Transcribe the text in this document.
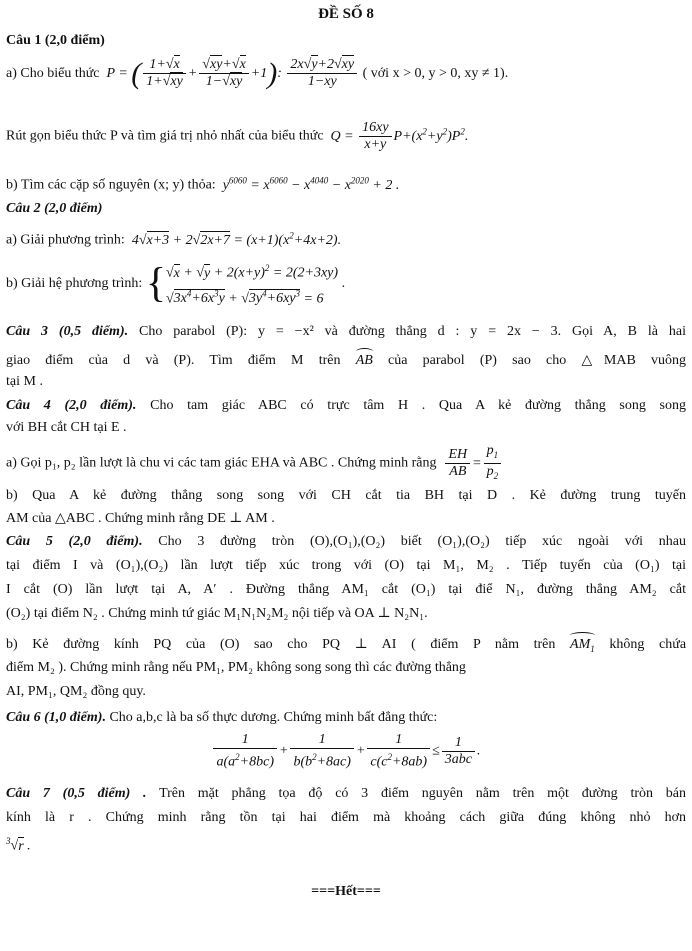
ĐỀ SỐ 8
Câu 1 (2,0 điểm)
a) Cho biểu thức  P = ( $\frac{1+√x}{1+√xy} + \frac{√xy+√x}{1-√xy} +1$): $\frac{2x√y+2√xy}{1-xy}$ ( với x > 0, y > 0, xy ≠ 1).
Rút gọn biểu thức P và tìm giá trị nhỏ nhất của biểu thức  $Q = \frac{16xy}{x+y} P+(x^2+y^2)P^2$.
b) Tìm các cặp số nguyên (x; y) thỏa:  $y^{6060} = x^{6060} - x^{4040} - x^{2020} + 2$ .
Câu 2 (2,0 điểm)
a) Giải phương trình:  $4√x+3 + 2√2x+7 = (x+1)(x^2+4x+2)$.
b) Giải hệ phương trình: {$√x + √y + 2(x+y)^2 = 2(2+3xy)$
$√3x^4+6x^3y + √3y^4+6xy^3 = 6$ .
Câu 3 (0,5 điểm). Cho parabol (P): y = −x² và đường thẳng d : y = 2x − 3. Gọi A, B là hai
giao điểm của d và (P). Tìm điểm M trên AB của parabol (P) sao cho △MAB vuông
tại M .
Câu 4 (2,0 điểm). Cho tam giác ABC có trực tâm H . Qua A kẻ đường thẳng song song
với BH cắt CH tại E .
a) Gọi p₁, p₂ lần lượt là chu vi các tam giác EHA và ABC . Chứng minh rằng $\frac{EH}{AB} = \frac{p_1}{p_2}$
b) Qua A kẻ đường thẳng song song với CH cắt tia BH tại D . Kẻ đường trung tuyến
AM của △ABC . Chứng minh rằng DE ⊥ AM .
Câu 5 (2,0 điểm). Cho 3 đường tròn (O),(O₁),(O₂) biết (O₁),(O₂) tiếp xúc ngoài với nhau
tại điểm I và (O₁),(O₂) lần lượt tiếp xúc trong với (O) tại M₁, M₂ . Tiếp tuyến của (O₁) tại
I cắt (O) lần lượt tại A, A′ . Đường thẳng AM₁ cắt (O₁) tại điể N₁, đường thẳng AM₂ cắt
(O₂) tại điểm N₂ . Chứng minh tứ giác M₁N₁N₂M₂ nội tiếp và OA ⊥ N₂N₁.
b) Kẻ đường kính PQ của (O) sao cho PQ ⊥ AI ( điểm P nằm trên $AM_1$ không chứa
điểm M₂ ). Chứng minh rằng nếu PM₁, PM₂ không song song thì các đường thẳng
AI, PM₁, QM₂ đồng quy.
Câu 6 (1,0 điểm). Cho a,b,c là ba số thực dương. Chứng minh bất đẳng thức:
$\frac{1}{a(a^2+8bc)} + \frac{1}{b(b^2+8ac)} + \frac{1}{c(c^2+8ab)}$ ≤
1
3abc
.
Câu 7 (0,5 điểm) . Trên mặt phẳng tọa độ có 3 điểm nguyên nằm trên một đường tròn bán
kính là r . Chứng minh rằng tồn tại hai điểm mà khoảng cách giữa đúng không nhỏ hơn
$^3$√r .
===Hết===
